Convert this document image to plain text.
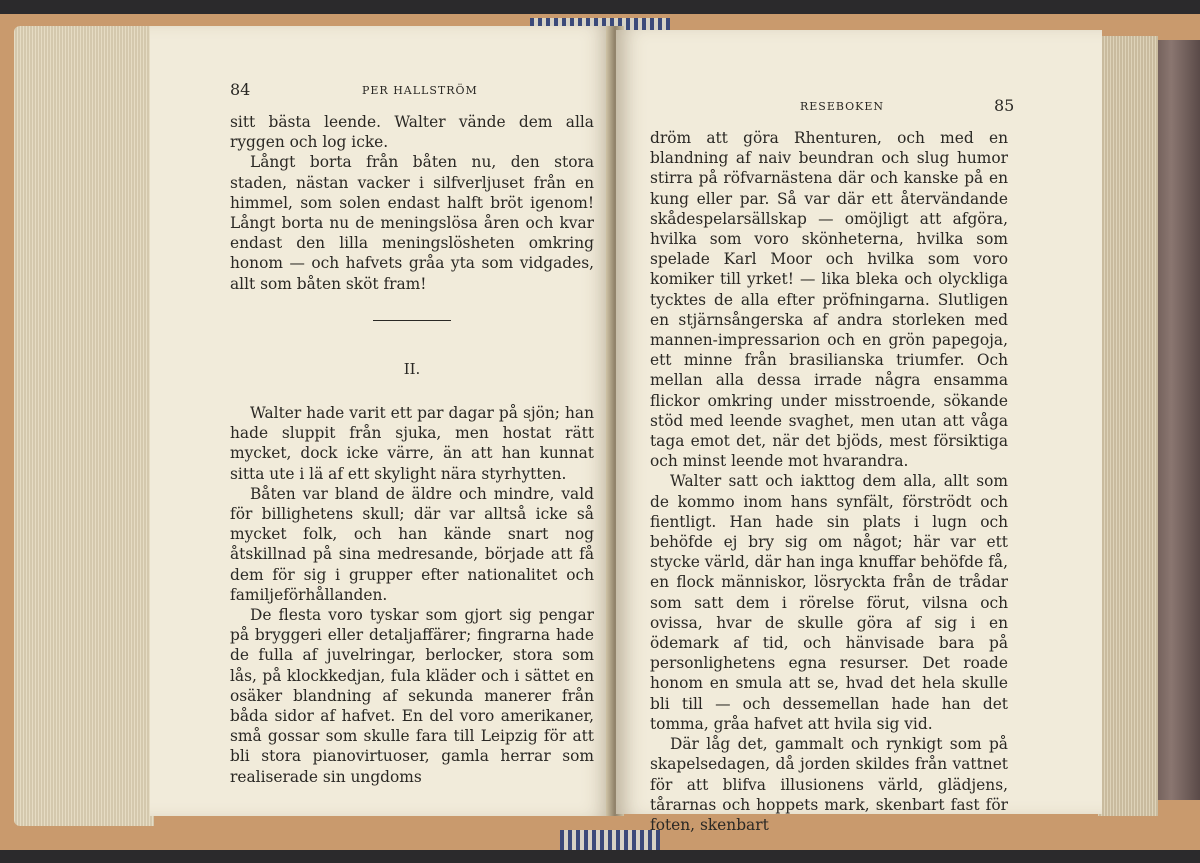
84	PER HALLSTRÖM

sitt bästa leende. Walter vände dem alla ryggen och log icke.

Långt borta från båten nu, den stora staden, nästan vacker i silfverljuset från en himmel, som solen endast halft bröt igenom! Långt borta nu de meningslösa åren och kvar endast den lilla meningslösheten omkring honom — och hafvets gråa yta som vidgades, allt som båten sköt fram!

II.

Walter hade varit ett par dagar på sjön; han hade sluppit från sjuka, men hostat rätt mycket, dock icke värre, än att han kunnat sitta ute i lä af ett skylight nära styrhytten.

Båten var bland de äldre och mindre, vald för billighetens skull; där var alltså icke så mycket folk, och han kände snart nog åtskillnad på sina medresande, började att få dem för sig i grupper efter nationalitet och familjeförhållanden.

De flesta voro tyskar som gjort sig pengar på bryggeri eller detaljaffärer; fingrarna hade de fulla af juvelringar, berlocker, stora som lås, på klockkedjan, fula kläder och i sättet en osäker blandning af sekunda manerer från båda sidor af hafvet. En del voro amerikaner, små gossar som skulle fara till Leipzig för att bli stora pianovirtuoser, gamla herrar som realiserade sin ungdoms

RESEBOKEN	85

dröm att göra Rhenturen, och med en blandning af naiv beundran och slug humor stirra på röfvarnästena där och kanske på en kung eller par. Så var där ett återvändande skådespelarsällskap — omöjligt att afgöra, hvilka som voro skönheterna, hvilka som spelade Karl Moor och hvilka som voro komiker till yrket! — lika bleka och olyckliga tycktes de alla efter pröfningarna. Slutligen en stjärnsångerska af andra storleken med mannen-impressarion och en grön papegoja, ett minne från brasilianska triumfer. Och mellan alla dessa irrade några ensamma flickor omkring under misstroende, sökande stöd med leende svaghet, men utan att våga taga emot det, när det bjöds, mest försiktiga och minst leende mot hvarandra.

Walter satt och iakttog dem alla, allt som de kommo inom hans synfält, förströdt och fientligt. Han hade sin plats i lugn och behöfde ej bry sig om något; här var ett stycke värld, där han inga knuffar behöfde få, en flock människor, lösryckta från de trådar som satt dem i rörelse förut, vilsna och ovissa, hvar de skulle göra af sig i en ödemark af tid, och hänvisade bara på personlighetens egna resurser. Det roade honom en smula att se, hvad det hela skulle bli till — och dessemellan hade han det tomma, gråa hafvet att hvila sig vid.

Där låg det, gammalt och rynkigt som på skapelsedagen, då jorden skildes från vattnet för att blifva illusionens värld, glädjens, tårarnas och hoppets mark, skenbart fast för foten, skenbart
